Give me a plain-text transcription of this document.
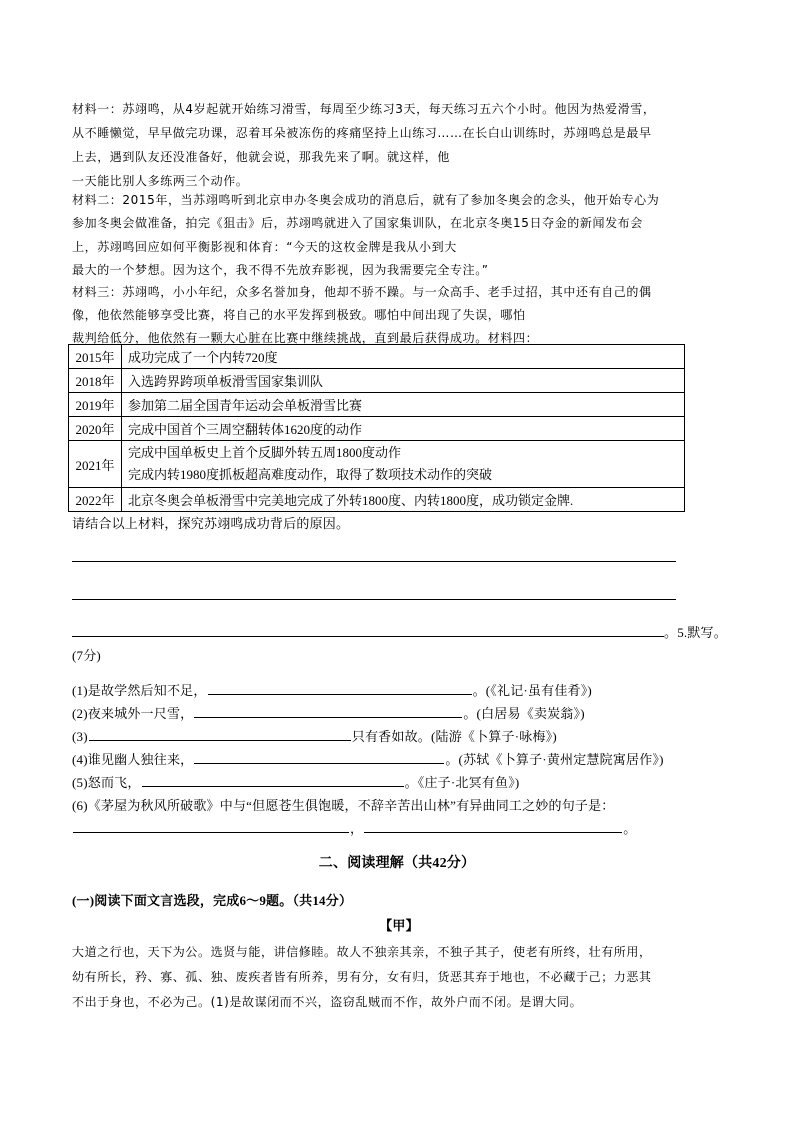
材料一：苏翊鸣，从4岁起就开始练习滑雪，每周至少练习3天，每天练习五六个小时。他因为热爱滑雪，
从不睡懒觉，早早做完功课，忍着耳朵被冻伤的疼痛坚持上山练习……在长白山训练时，苏翊鸣总是最早
上去，遇到队友还没准备好，他就会说，那我先来了啊。就这样，他
一天能比别人多练两三个动作。
材料二：2015年，当苏翊鸣听到北京申办冬奥会成功的消息后，就有了参加冬奥会的念头，他开始专心为
参加冬奥会做准备，拍完《狙击》后，苏翊鸣就进入了国家集训队，在北京冬奥15日夺金的新闻发布会
上，苏翊鸣回应如何平衡影视和体育：“今天的这枚金牌是我从小到大
最大的一个梦想。因为这个，我不得不先放弃影视，因为我需要完全专注。”
材料三：苏翊鸣，小小年纪，众多名誉加身，他却不骄不躁。与一众高手、老手过招，其中还有自己的偶
像，他依然能够享受比赛，将自己的水平发挥到极致。哪怕中间出现了失误，哪怕
裁判给低分，他依然有一颗大心脏在比赛中继续挑战，直到最后获得成功。材料四：
2015年	成功完成了一个内转720度
2018年	入选跨界跨项单板滑雪国家集训队
2019年	参加第二届全国青年运动会单板滑雪比赛
2020年	完成中国首个三周空翻转体1620度的动作
2021年	完成中国单板史上首个反脚外转五周1800度动作
完成内转1980度抓板超高难度动作，取得了数项技术动作的突破

2022年	北京冬奥会单板滑雪中完美地完成了外转1800度、内转1800度，成功锁定金牌.
请结合以上材料，探究苏翊鸣成功背后的原因。
。5.默写。
(7分)
(1)是故学然后知不足，	。(《礼记·虽有佳肴》)
(2)夜来城外一尺雪，	。(白居易《卖炭翁》)
(3)	只有香如故。(陆游《卜算子·咏梅》)
(4)谁见幽人独往来，	。(苏轼《卜算子·黄州定慧院寓居作》)
(5)怒而飞，	。《庄子·北冥有鱼》)
(6)《茅屋为秋风所破歌》中与“但愿苍生俱饱暖，不辞辛苦出山林”有异曲同工之妙的句子是：
，	。
二、阅读理解（共42分）
(一)阅读下面文言选段，完成6～9题。（共14分）
【甲】
大道之行也，天下为公。选贤与能，讲信修睦。故人不独亲其亲，不独子其子，使老有所终，壮有所用，
幼有所长，矜、寡、孤、独、废疾者皆有所养，男有分，女有归，货恶其弃于地也，不必藏于己；力恶其
不出于身也，不必为己。(1)是故谋闭而不兴，盗窃乱贼而不作，故外户而不闭。是谓大同。
